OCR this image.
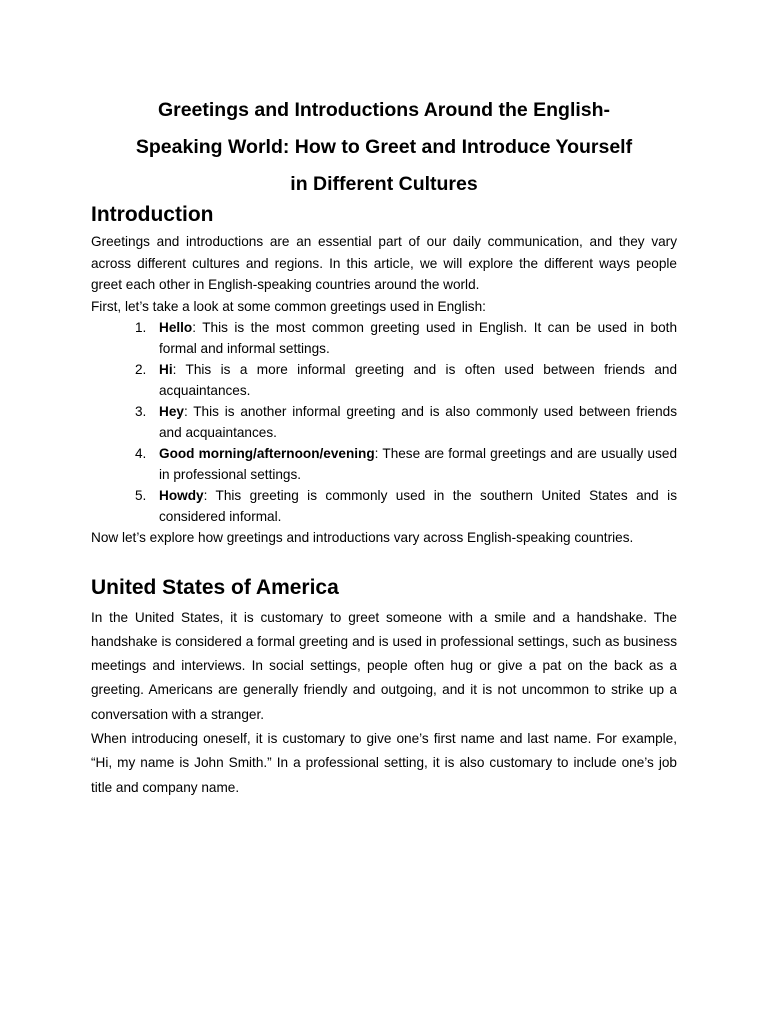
Greetings and Introductions Around the English-
Speaking World: How to Greet and Introduce Yourself
in Different Cultures
Introduction

Greetings and introductions are an essential part of our daily communication, and they vary across different cultures and regions. In this article, we will explore the different ways people greet each other in English-speaking countries around the world.

First, let’s take a look at some common greetings used in English:

1. Hello: This is the most common greeting used in English. It can be used in both formal and informal settings.
2. Hi: This is a more informal greeting and is often used between friends and acquaintances.
3. Hey: This is another informal greeting and is also commonly used between friends and acquaintances.
4. Good morning/afternoon/evening: These are formal greetings and are usually used in professional settings.
5. Howdy: This greeting is commonly used in the southern United States and is considered informal.

Now let’s explore how greetings and introductions vary across English-speaking countries.

United States of America

In the United States, it is customary to greet someone with a smile and a handshake. The handshake is considered a formal greeting and is used in professional settings, such as business meetings and interviews. In social settings, people often hug or give a pat on the back as a greeting. Americans are generally friendly and outgoing, and it is not uncommon to strike up a conversation with a stranger.

When introducing oneself, it is customary to give one’s first name and last name. For example, “Hi, my name is John Smith.” In a professional setting, it is also customary to include one’s job title and company name.
